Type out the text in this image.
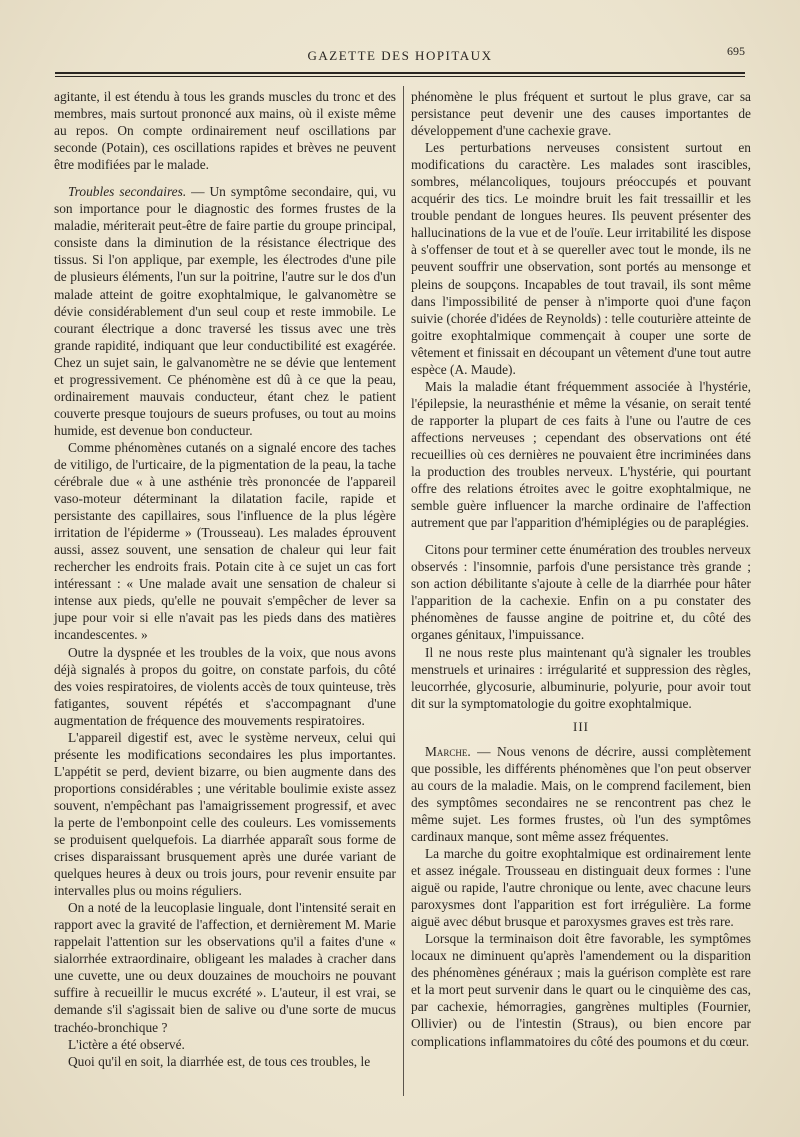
GAZETTE DES HOPITAUX	695

agitante, il est étendu à tous les grands muscles du tronc et des membres, mais surtout prononcé aux mains, où il existe même au repos. On compte ordinairement neuf oscillations par seconde (Potain), ces oscillations rapides et brèves ne peuvent être modifiées par le malade.

Troubles secondaires. — Un symptôme secondaire, qui, vu son importance pour le diagnostic des formes frustes de la maladie, mériterait peut-être de faire partie du groupe principal, consiste dans la diminution de la résistance électrique des tissus. Si l'on applique, par exemple, les électrodes d'une pile de plusieurs éléments, l'un sur la poitrine, l'autre sur le dos d'un malade atteint de goitre exophtalmique, le galvanomètre se dévie considérablement d'un seul coup et reste immobile. Le courant électrique a donc traversé les tissus avec une très grande rapidité, indiquant que leur conductibilité est exagérée. Chez un sujet sain, le galvanomètre ne se dévie que lentement et progressivement. Ce phénomène est dû à ce que la peau, ordinairement mauvais conducteur, étant chez le patient couverte presque toujours de sueurs profuses, ou tout au moins humide, est devenue bon conducteur.

Comme phénomènes cutanés on a signalé encore des taches de vitiligo, de l'urticaire, de la pigmentation de la peau, la tache cérébrale due « à une asthénie très prononcée de l'appareil vaso-moteur déterminant la dilatation facile, rapide et persistante des capillaires, sous l'influence de la plus légère irritation de l'épiderme » (Trousseau). Les malades éprouvent aussi, assez souvent, une sensation de chaleur qui leur fait rechercher les endroits frais. Potain cite à ce sujet un cas fort intéressant : « Une malade avait une sensation de chaleur si intense aux pieds, qu'elle ne pouvait s'empêcher de lever sa jupe pour voir si elle n'avait pas les pieds dans des matières incandescentes. »

Outre la dyspnée et les troubles de la voix, que nous avons déjà signalés à propos du goitre, on constate parfois, du côté des voies respiratoires, de violents accès de toux quinteuse, très fatigantes, souvent répétés et s'accompagnant d'une augmentation de fréquence des mouvements respiratoires.

L'appareil digestif est, avec le système nerveux, celui qui présente les modifications secondaires les plus importantes. L'appétit se perd, devient bizarre, ou bien augmente dans des proportions considérables ; une véritable boulimie existe assez souvent, n'empêchant pas l'amaigrissement progressif, et avec la perte de l'embonpoint celle des couleurs. Les vomissements se produisent quelquefois. La diarrhée apparaît sous forme de crises disparaissant brusquement après une durée variant de quelques heures à deux ou trois jours, pour revenir ensuite par intervalles plus ou moins réguliers.

On a noté de la leucoplasie linguale, dont l'intensité serait en rapport avec la gravité de l'affection, et dernièrement M. Marie rappelait l'attention sur les observations qu'il a faites d'une « sialorrhée extraordinaire, obligeant les malades à cracher dans une cuvette, une ou deux douzaines de mouchoirs ne pouvant suffire à recueillir le mucus excrété ». L'auteur, il est vrai, se demande s'il s'agissait bien de salive ou d'une sorte de mucus trachéo-bronchique ?

L'ictère a été observé.

Quoi qu'il en soit, la diarrhée est, de tous ces troubles, le

phénomène le plus fréquent et surtout le plus grave, car sa persistance peut devenir une des causes importantes de développement d'une cachexie grave.

Les perturbations nerveuses consistent surtout en modifications du caractère. Les malades sont irascibles, sombres, mélancoliques, toujours préoccupés et pouvant acquérir des tics. Le moindre bruit les fait tressaillir et les trouble pendant de longues heures. Ils peuvent présenter des hallucinations de la vue et de l'ouïe. Leur irritabilité les dispose à s'offenser de tout et à se quereller avec tout le monde, ils ne peuvent souffrir une observation, sont portés au mensonge et pleins de soupçons. Incapables de tout travail, ils sont même dans l'impossibilité de penser à n'importe quoi d'une façon suivie (chorée d'idées de Reynolds) : telle couturière atteinte de goitre exophtalmique commençait à couper une sorte de vêtement et finissait en découpant un vêtement d'une tout autre espèce (A. Maude).

Mais la maladie étant fréquemment associée à l'hystérie, l'épilepsie, la neurasthénie et même la vésanie, on serait tenté de rapporter la plupart de ces faits à l'une ou l'autre de ces affections nerveuses ; cependant des observations ont été recueillies où ces dernières ne pouvaient être incriminées dans la production des troubles nerveux. L'hystérie, qui pourtant offre des relations étroites avec le goitre exophtalmique, ne semble guère influencer la marche ordinaire de l'affection autrement que par l'apparition d'hémiplégies ou de paraplégies.

Citons pour terminer cette énumération des troubles nerveux observés : l'insomnie, parfois d'une persistance très grande ; son action débilitante s'ajoute à celle de la diarrhée pour hâter l'apparition de la cachexie. Enfin on a pu constater des phénomènes de fausse angine de poitrine et, du côté des organes génitaux, l'impuissance.

Il ne nous reste plus maintenant qu'à signaler les troubles menstruels et urinaires : irrégularité et suppression des règles, leucorrhée, glycosurie, albuminurie, polyurie, pour avoir tout dit sur la symptomatologie du goitre exophtalmique.

III

Marche. — Nous venons de décrire, aussi complètement que possible, les différents phénomènes que l'on peut observer au cours de la maladie. Mais, on le comprend facilement, bien des symptômes secondaires ne se rencontrent pas chez le même sujet. Les formes frustes, où l'un des symptômes cardinaux manque, sont même assez fréquentes.

La marche du goitre exophtalmique est ordinairement lente et assez inégale. Trousseau en distinguait deux formes : l'une aiguë ou rapide, l'autre chronique ou lente, avec chacune leurs paroxysmes dont l'apparition est fort irrégulière. La forme aiguë avec début brusque et paroxysmes graves est très rare.

Lorsque la terminaison doit être favorable, les symptômes locaux ne diminuent qu'après l'amendement ou la disparition des phénomènes généraux ; mais la guérison complète est rare et la mort peut survenir dans le quart ou le cinquième des cas, par cachexie, hémorragies, gangrènes multiples (Fournier, Ollivier) ou de l'intestin (Straus), ou bien encore par complications inflammatoires du côté des poumons et du cœur.
